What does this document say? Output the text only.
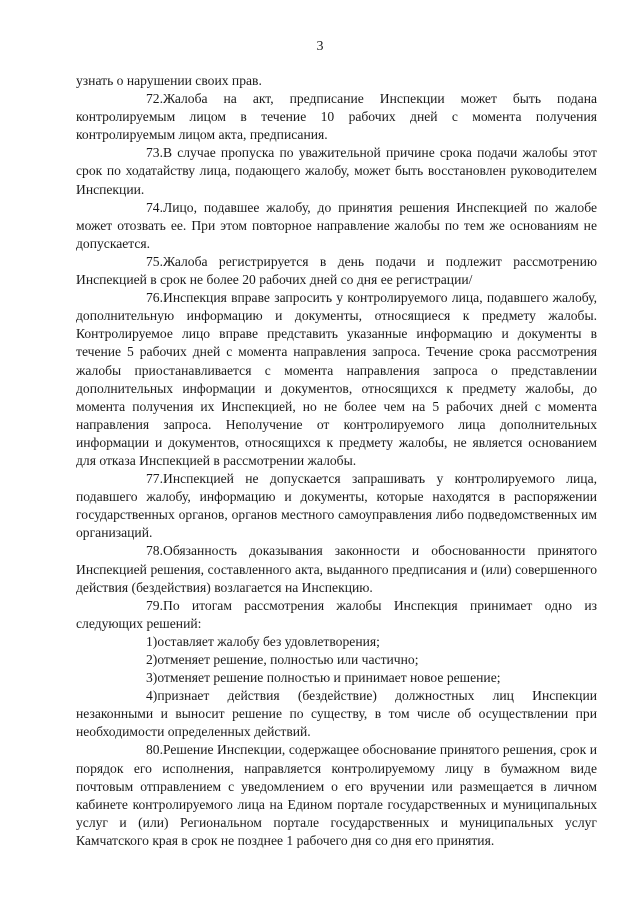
3

узнать о нарушении своих прав.

72.Жалоба на акт, предписание Инспекции может быть подана контролируемым лицом в течение 10 рабочих дней с момента получения контролируемым лицом акта, предписания.

73.В случае пропуска по уважительной причине срока подачи жалобы этот срок по ходатайству лица, подающего жалобу, может быть восстановлен руководителем Инспекции.

74.Лицо, подавшее жалобу, до принятия решения Инспекцией по жалобе может отозвать ее. При этом повторное направление жалобы по тем же основаниям не допускается.

75.Жалоба регистрируется в день подачи и подлежит рассмотрению Инспекцией в срок не более 20 рабочих дней со дня ее регистрации/

76.Инспекция вправе запросить у контролируемого лица, подавшего жалобу, дополнительную информацию и документы, относящиеся к предмету жалобы. Контролируемое лицо вправе представить указанные информацию и документы в течение 5 рабочих дней с момента направления запроса. Течение срока рассмотрения жалобы приостанавливается с момента направления запроса о представлении дополнительных информации и документов, относящихся к предмету жалобы, до момента получения их Инспекцией, но не более чем на 5 рабочих дней с момента направления запроса. Неполучение от контролируемого лица дополнительных информации и документов, относящихся к предмету жалобы, не является основанием для отказа Инспекцией в рассмотрении жалобы.

77.Инспекцией не допускается запрашивать у контролируемого лица, подавшего жалобу, информацию и документы, которые находятся в распоряжении государственных органов, органов местного самоуправления либо подведомственных им организаций.

78.Обязанность доказывания законности и обоснованности принятого Инспекцией решения, составленного акта, выданного предписания и (или) совершенного действия (бездействия) возлагается на Инспекцию.

79.По итогам рассмотрения жалобы Инспекция принимает одно из следующих решений:

1)оставляет жалобу без удовлетворения;

2)отменяет решение, полностью или частично;

3)отменяет решение полностью и принимает новое решение;

4)признает действия (бездействие) должностных лиц Инспекции незаконными и выносит решение по существу, в том числе об осуществлении при необходимости определенных действий.

80.Решение Инспекции, содержащее обоснование принятого решения, срок и порядок его исполнения, направляется контролируемому лицу в бумажном виде почтовым отправлением с уведомлением о его вручении или размещается в личном кабинете контролируемого лица на Едином портале государственных и муниципальных услуг и (или) Региональном портале государственных и муниципальных услуг Камчатского края в срок не позднее 1 рабочего дня со дня его принятия.
